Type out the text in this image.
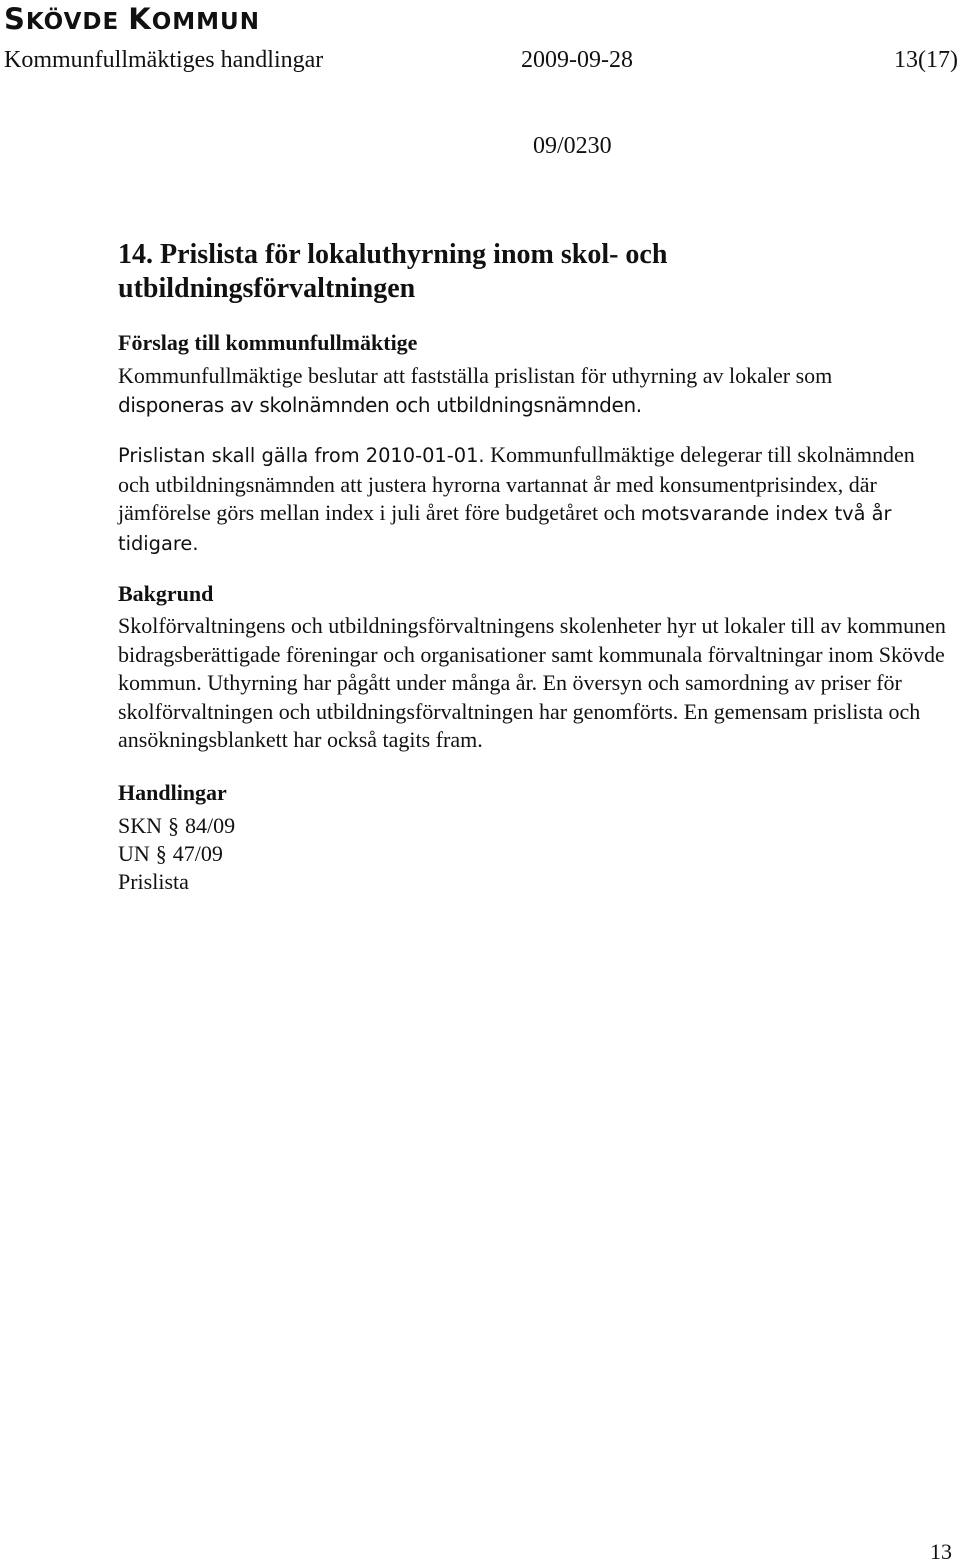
SKÖVDE KOMMUN
Kommunfullmäktiges handlingar	2009-09-28	13(17)
09/0230
14. Prislista för lokaluthyrning inom skol- och utbildningsförvaltningen
Förslag till kommunfullmäktige
Kommunfullmäktige beslutar att fastställa prislistan för uthyrning av lokaler som
disponeras av skolnämnden och utbildningsnämnden.
Prislistan skall gälla from 2010-01-01. Kommunfullmäktige delegerar till skolnämnden och utbildningsnämnden att justera hyrorna vartannat år med konsumentprisindex, där jämförelse görs mellan index i juli året före budgetåret och motsvarande index två år tidigare.
Bakgrund
Skolförvaltningens och utbildningsförvaltningens skolenheter hyr ut lokaler till av kommunen bidragsberättigade föreningar och organisationer samt kommunala förvaltningar inom Skövde kommun. Uthyrning har pågått under många år. En översyn och samordning av priser för skolförvaltningen och utbildningsförvaltningen har genomförts. En gemensam prislista och ansökningsblankett har också tagits fram.
Handlingar
SKN § 84/09
UN § 47/09
Prislista
13
